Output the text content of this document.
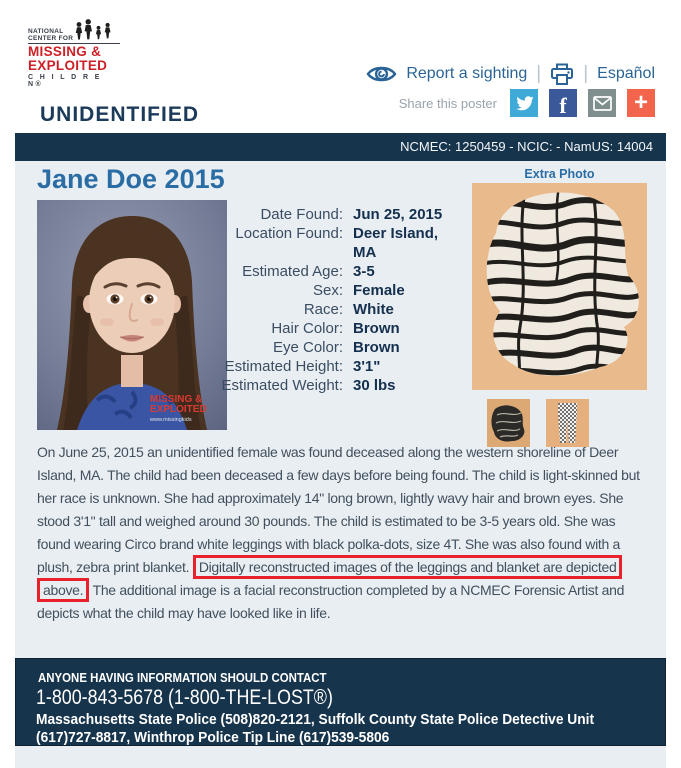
NATIONAL
CENTER FOR
MISSING &
EXPLOITED
C H I L D R E N®
Report a sighting | | Español
Share this poster	f	+
UNIDENTIFIED
NCMEC: 1250459 - NCIC: - NamUS: 14004
Jane Doe 2015
MISSING &
EXPLOITED
www.missingkids
Date Found: Jun 25, 2015
Location Found: Deer Island, MA
Estimated Age: 3-5
Sex: Female
Race: White
Hair Color: Brown
Eye Color: Brown
Estimated Height: 3'1"
Estimated Weight: 30 lbs
Extra Photo

On June 25, 2015 an unidentified female was found deceased along the western shoreline of Deer Island, MA. The child had been deceased a few days before being found. The child is light-skinned but her race is unknown. She had approximately 14" long brown, lightly wavy hair and brown eyes. She stood 3'1" tall and weighed around 30 pounds. The child is estimated to be 3-5 years old. She was found wearing Circo brand white leggings with black polka-dots, size 4T. She was also found with a plush, zebra print blanket. Digitally reconstructed images of the leggings and blanket are depicted above. The additional image is a facial reconstruction completed by a NCMEC Forensic Artist and depicts what the child may have looked like in life.

ANYONE HAVING INFORMATION SHOULD CONTACT
1-800-843-5678 (1-800-THE-LOST®)
Massachusetts State Police (508)820-2121, Suffolk County State Police Detective Unit (617)727-8817, Winthrop Police Tip Line (617)539-5806
